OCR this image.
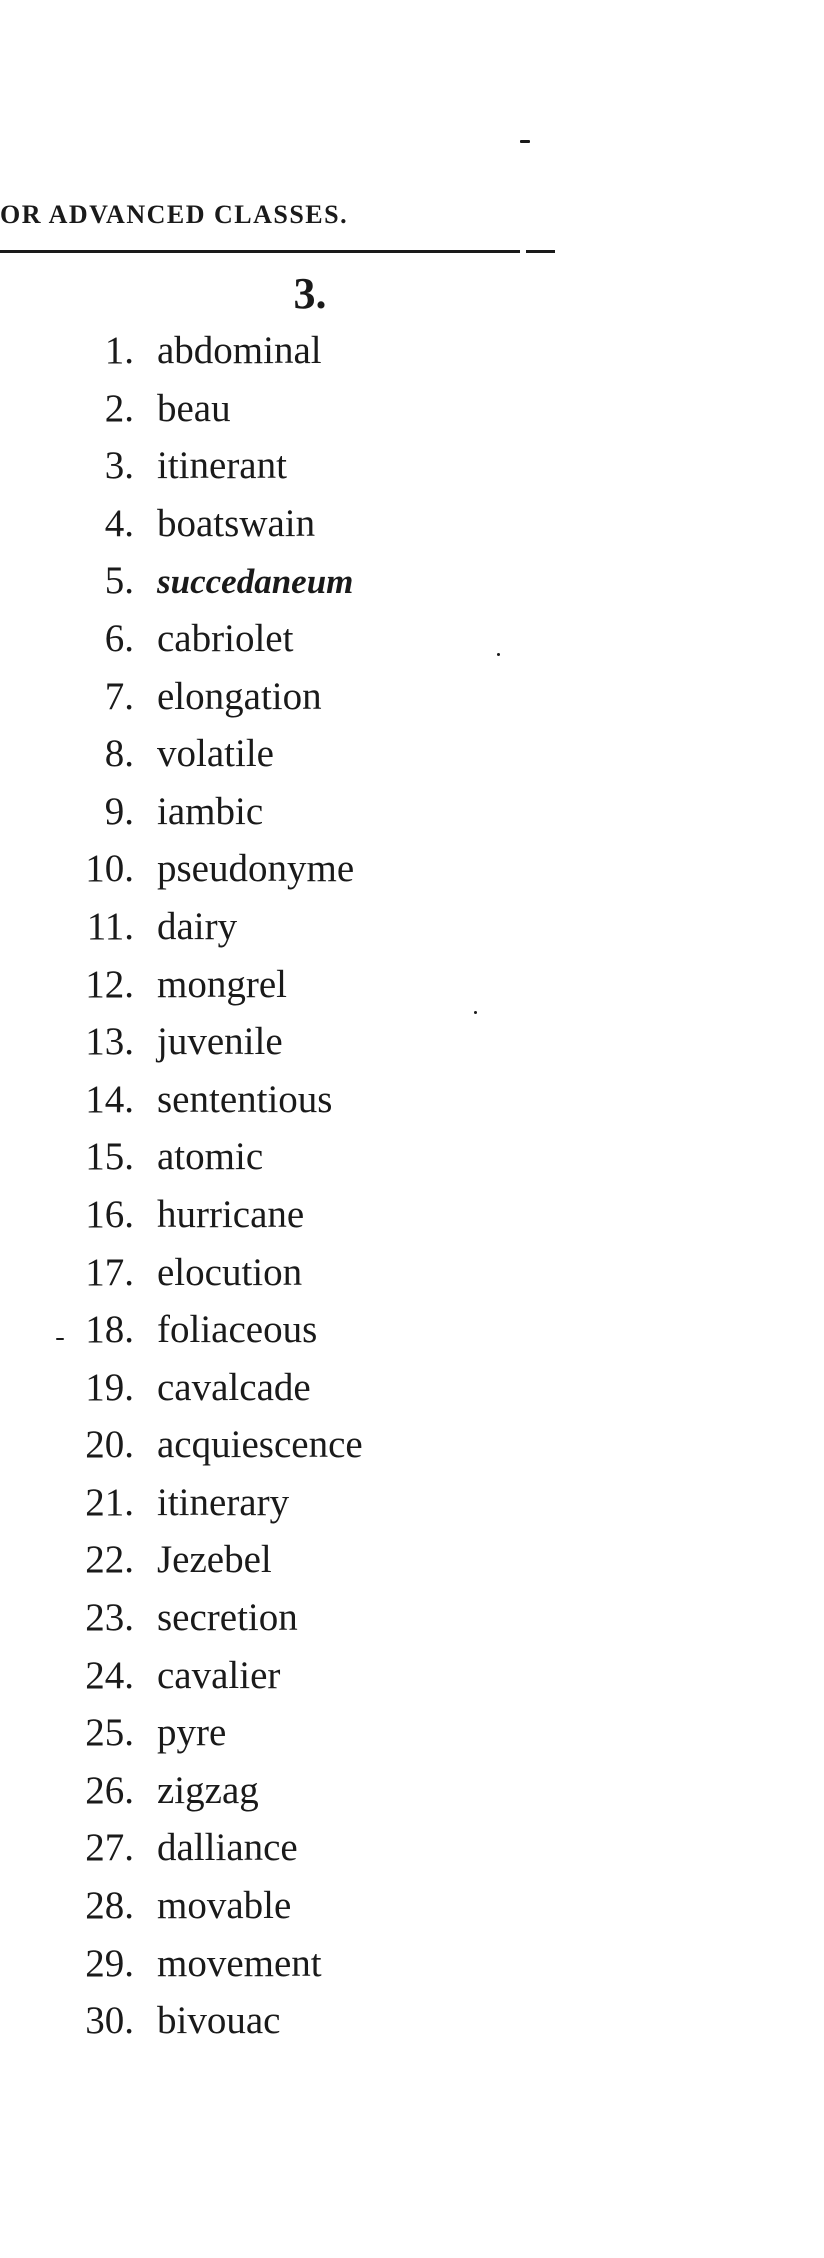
OR ADVANCED CLASSES.
3.
1. abdominal
2. beau
3. itinerant
4. boatswain
5. succedaneum
6. cabriolet
7. elongation
8. volatile
9. iambic
10. pseudonyme
11. dairy
12. mongrel
13. juvenile
14. sententious
15. atomic
16. hurricane
17. elocution
18. foliaceous
19. cavalcade
20. acquiescence
21. itinerary
22. Jezebel
23. secretion
24. cavalier
25. pyre
26. zigzag
27. dalliance
28. movable
29. movement
30. bivouac
